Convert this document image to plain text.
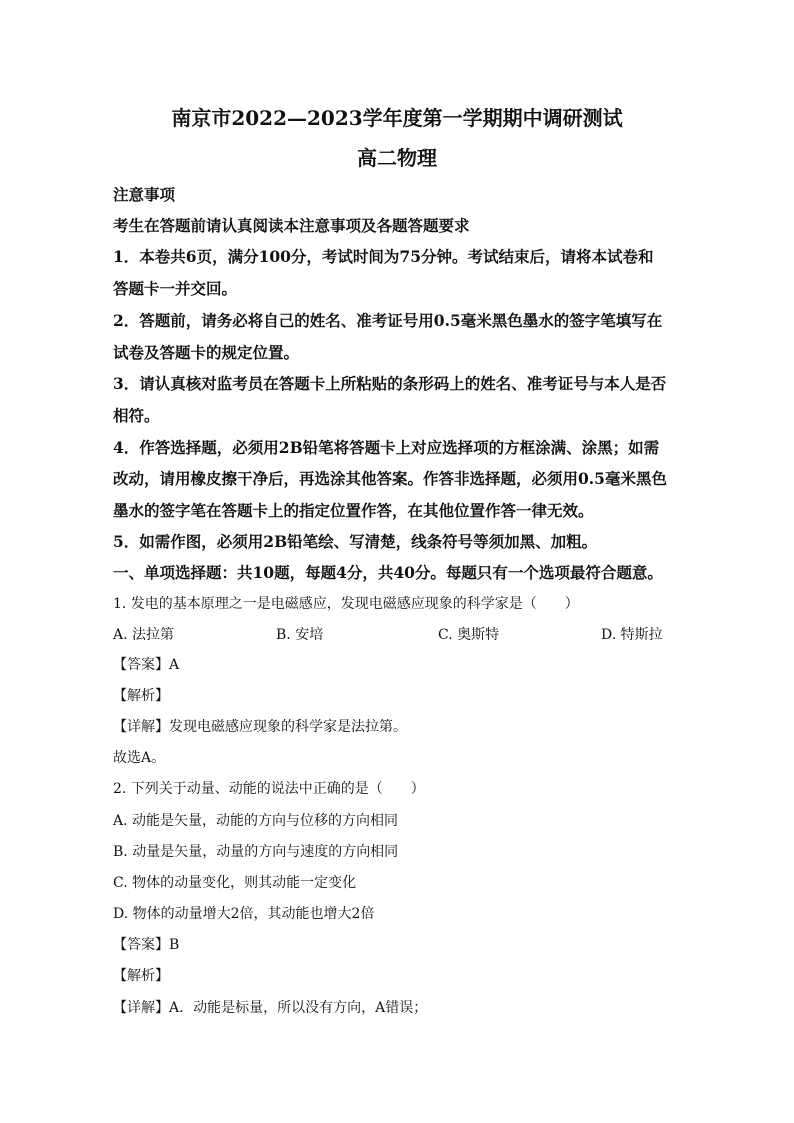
南京市2022—2023学年度第一学期期中调研测试
高二物理
注意事项
考生在答题前请认真阅读本注意事项及各题答题要求
1．本卷共6页，满分100分，考试时间为75分钟。考试结束后，请将本试卷和
答题卡一并交回。
2．答题前，请务必将自己的姓名、准考证号用0.5毫米黑色墨水的签字笔填写在
试卷及答题卡的规定位置。
3．请认真核对监考员在答题卡上所粘贴的条形码上的姓名、准考证号与本人是否
相符。
4．作答选择题，必须用2B铅笔将答题卡上对应选择项的方框涂满、涂黑；如需
改动，请用橡皮擦干净后，再选涂其他答案。作答非选择题，必须用0.5毫米黑色
墨水的签字笔在答题卡上的指定位置作答，在其他位置作答一律无效。
5．如需作图，必须用2B铅笔绘、写清楚，线条符号等须加黑、加粗。
一、单项选择题：共10题，每题4分，共40分。每题只有一个选项最符合题意。
1. 发电的基本原理之一是电磁感应，发现电磁感应现象的科学家是（　　）
A. 法拉第	B. 安培	C. 奥斯特	D. 特斯拉
【答案】A
【解析】
【详解】发现电磁感应现象的科学家是法拉第。
故选A。
2. 下列关于动量、动能的说法中正确的是（　　）
A. 动能是矢量，动能的方向与位移的方向相同
B. 动量是矢量，动量的方向与速度的方向相同
C. 物体的动量变化，则其动能一定变化
D. 物体的动量增大2倍，其动能也增大2倍
【答案】B
【解析】
【详解】A．动能是标量，所以没有方向，A错误；
